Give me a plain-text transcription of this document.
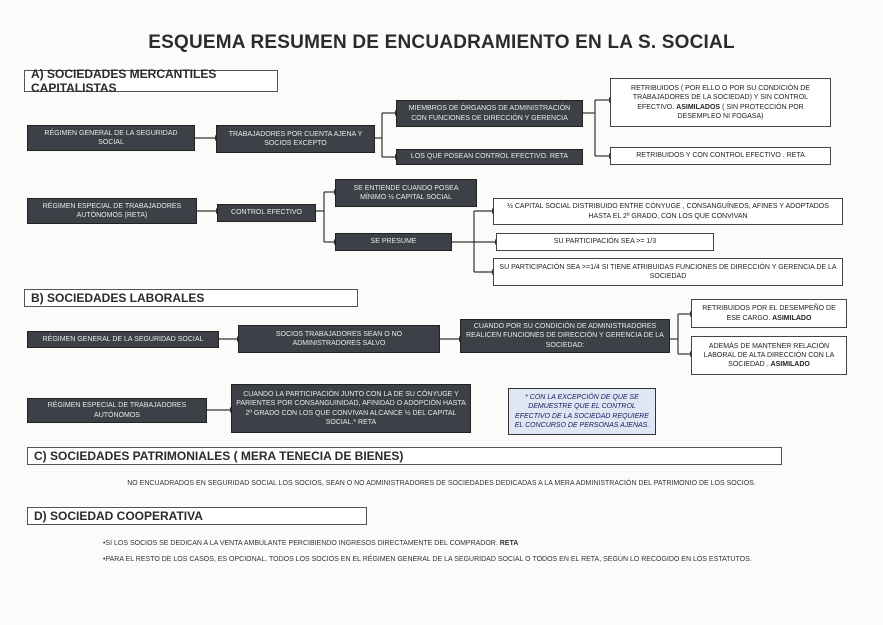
ESQUEMA RESUMEN DE ENCUADRAMIENTO EN LA S. SOCIAL
A) SOCIEDADES MERCANTILES CAPITALISTAS
RÉGIMEN GENERAL DE LA SEGURIDAD SOCIAL
TRABAJADORES POR CUENTA AJENA Y SOCIOS EXCEPTO
MIEMBROS DE ÓRGANOS DE ADMINISTRACIÓN CON FUNCIONES DE DIRECCIÓN Y GERENCIA
LOS QUE POSEAN CONTROL EFECTIVO. RETA
RETRIBUIDOS ( POR ELLO O POR SU CONDICIÓN DE TRABAJADORES DE LA SOCIEDAD) Y SIN CONTROL EFECTIVO. ASIMILADOS ( SIN PROTECCIÓN POR DESEMPLEO NI FOGASA)
RETRIBUIDOS Y CON CONTROL EFECTIVO . RETA
RÉGIMEN ESPECIAL DE TRABAJADORES AUTÓNOMOS (RETA)	CONTROL EFECTIVO
SE ENTIENDE CUANDO POSEA MÍNIMO ½ CAPITAL SOCIAL
SE PRESUME
½ CAPITAL SOCIAL DISTRIBUIDO ENTRE CÓNYUGE , CONSANGUÍNEOS, AFINES Y ADOPTADOS HASTA EL 2º GRADO, CON LOS QUE CONVIVAN
SU PARTICIPACIÓN SEA >= 1/3
SU PARTICIPACIÓN SEA >=1/4 SI TIENE ATRIBUIDAS FUNCIONES DE DIRECCIÓN Y GERENCIA DE LA SOCIEDAD
B) SOCIEDADES LABORALES
RÉGIMEN GENERAL DE LA SEGURIDAD SOCIAL
SOCIOS TRABAJADORES SEAN O NO ADMINISTRADORES SALVO
CUANDO POR SU CONDICIÓN DE ADMINISTRADORES REALICEN FUNCIONES DE DIRECCIÓN Y GERENCIA DE LA SOCIEDAD:
RETRIBUIDOS POR EL DESEMPEÑO DE ESE CARGO. ASIMILADO
ADEMÁS DE MANTENER RELACIÓN LABORAL DE ALTA DIRECCIÓN CON LA SOCIEDAD . ASIMILADO
RÉGIMEN ESPECIAL DE TRABAJADORES AUTÓNOMOS
CUANDO LA PARTICIPACIÓN JUNTO CON LA DE SU CÓNYUGE Y PARIENTES POR CONSANGUINIDAD, AFINIDAD O ADOPCIÓN HASTA 2º GRADO CON LOS QUE CONVIVAN ALCANCE ½ DEL CAPITAL SOCIAL.* RETA
* CON LA EXCEPCIÓN DE QUE SE DEMUESTRE QUE EL CONTROL EFECTIVO DE LA SOCIEDAD REQUIERE EL CONCURSO DE PERSONAS AJENAS.
C) SOCIEDADES PATRIMONIALES ( MERA TENECIA DE BIENES)
NO ENCUADRADOS EN SEGURIDAD SOCIAL LOS SOCIOS, SEAN O NO ADMINISTRADORES DE SOCIEDADES DEDICADAS A LA MERA ADMINISTRACIÓN DEL PATRIMONIO DE LOS SOCIOS.
D) SOCIEDAD COOPERATIVA
•SI LOS SOCIOS SE DEDICAN A LA VENTA AMBULANTE PERCIBIENDO INGRESOS DIRECTAMENTE DEL COMPRADOR. RETA
•PARA EL RESTO DE LOS CASOS, ES OPCIONAL. TODOS LOS SOCIOS EN EL RÉGIMEN GENERAL DE LA SEGURIDAD SOCIAL O TODOS EN EL RETA, SEGÚN LO RECOGIDO EN LOS ESTATUTOS.
